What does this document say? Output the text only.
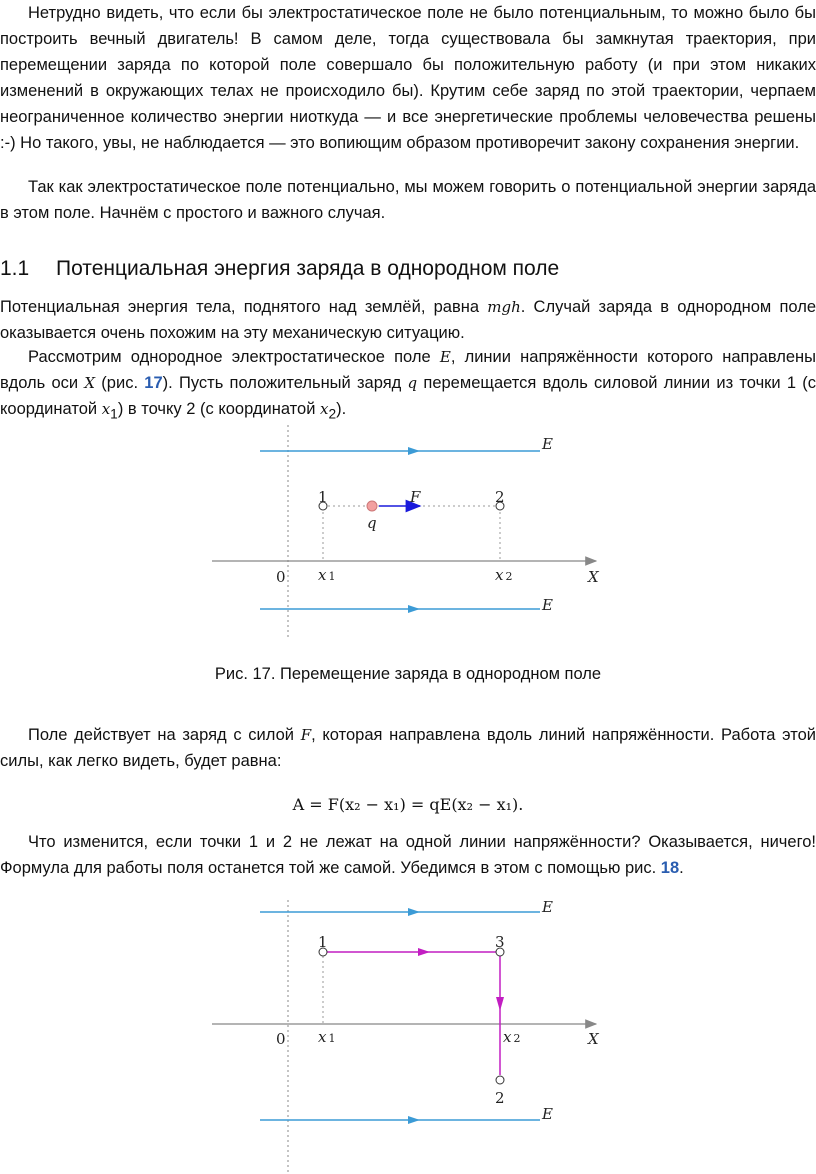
Нетрудно видеть, что если бы электростатическое поле не было потенциальным, то можно было бы построить вечный двигатель! В самом деле, тогда существовала бы замкнутая траектория, при перемещении заряда по которой поле совершало бы положительную работу (и при этом никаких изменений в окружающих телах не происходило бы). Крутим себе заряд по этой траектории, черпаем неограниченное количество энергии ниоткуда — и все энергетические проблемы человечества решены :-) Но такого, увы, не наблюдается — это вопиющим образом противоречит закону сохранения энергии.

Так как электростатическое поле потенциально, мы можем говорить о потенциальной энергии заряда в этом поле. Начнём с простого и важного случая.

1.1 Потенциальная энергия заряда в однородном поле

Потенциальная энергия тела, поднятого над землёй, равна mgh. Случай заряда в однородном поле оказывается очень похожим на эту механическую ситуацию.

Рассмотрим однородное электростатическое поле E, линии напряжённости которого направлены вдоль оси X (рис. 17). Пусть положительный заряд q перемещается вдоль силовой линии из точки 1 (с координатой $x_1$) в точку 2 (с координатой $x_2$).

E
E
0	X
1	2
F
q
x 1	x 2
Рис. 17. Перемещение заряда в однородном поле

Поле действует на заряд с силой F, которая направлена вдоль линий напряжённости. Работа этой силы, как легко видеть, будет равна:

A = F(x₂ − x₁) = qE(x₂ − x₁).

Что изменится, если точки 1 и 2 не лежат на одной линии напряжённости? Оказывается, ничего! Формула для работы поля останется той же самой. Убедимся в этом с помощью рис. 18.

E
E
0	X
1	3
2
x 1	x 2
